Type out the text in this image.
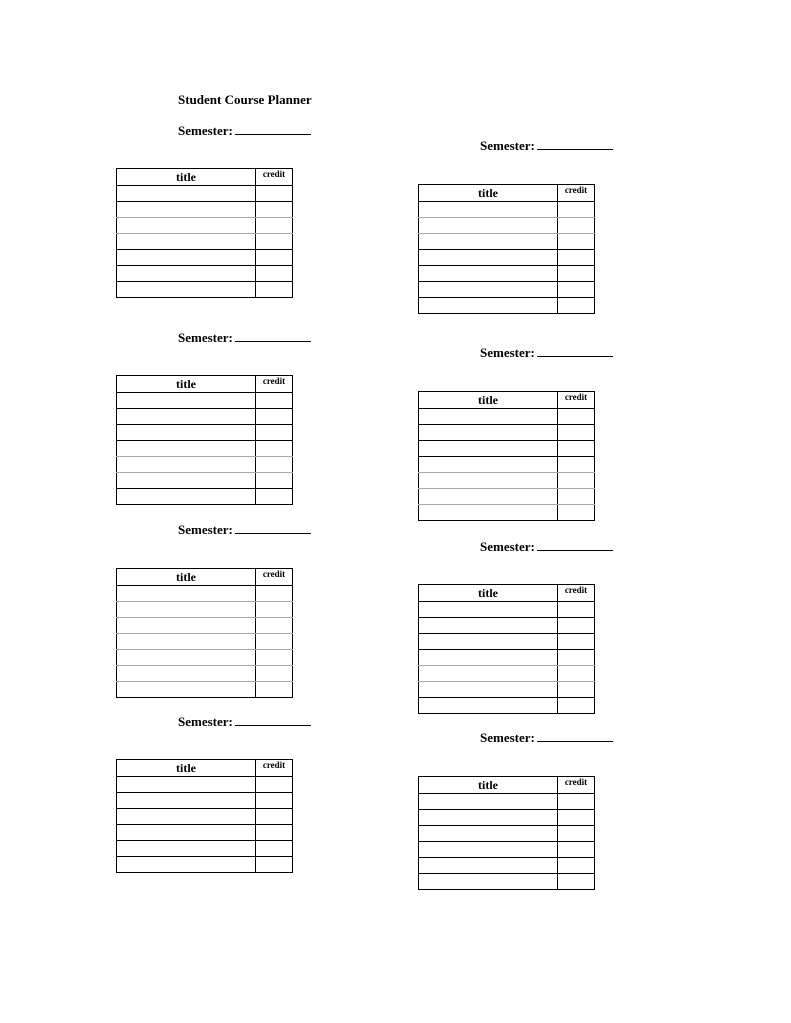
Student Course Planner
Semester:
title	credit

Semester:
title	credit

Semester:
title	credit

Semester:
title	credit

Semester:
title	credit

Semester:
title	credit

Semester:
title	credit

Semester:
title	credit
